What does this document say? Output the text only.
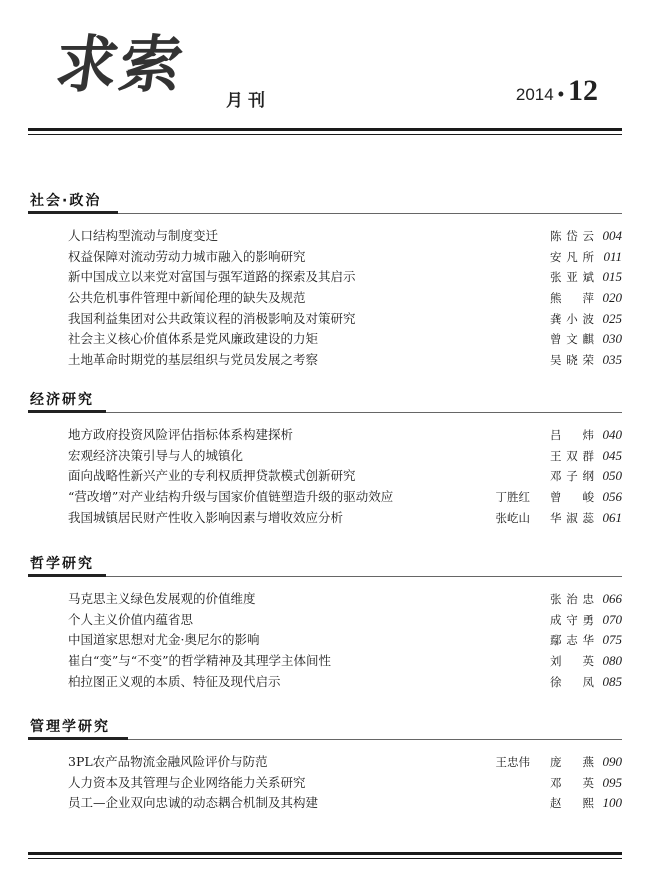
求索 月刊	2014 • 12
社会·政治
人口结构型流动与制度变迁	陈岱云 004
权益保障对流动劳动力城市融入的影响研究	安凡所 011
新中国成立以来党对富国与强军道路的探索及其启示	张亚斌 015
公共危机事件管理中新闻伦理的缺失及规范	熊萍 020
我国利益集团对公共政策议程的消极影响及对策研究	龚小波 025
社会主义核心价值体系是党风廉政建设的力矩	曾文麒 030
土地革命时期党的基层组织与党员发展之考察	吴晓荣 035
经济研究
地方政府投资风险评估指标体系构建探析	吕炜 040
宏观经济决策引导与人的城镇化	王双群 045
面向战略性新兴产业的专利权质押贷款模式创新研究	邓子纲 050
“营改增”对产业结构升级与国家价值链塑造升级的驱动效应	丁胜红 曾峻 056
我国城镇居民财产性收入影响因素与增收效应分析	张屹山 华淑蕊 061
哲学研究
马克思主义绿色发展观的价值维度	张治忠 066
个人主义价值内蕴省思	成守勇 070
中国道家思想对尤金·奥尼尔的影响	鄢志华 075
崔白“变”与“不变”的哲学精神及其理学主体间性	刘英 080
柏拉图正义观的本质、特征及现代启示	徐凤 085
管理学研究
3PL农产品物流金融风险评价与防范	王忠伟 庞燕 090
人力资本及其管理与企业网络能力关系研究	邓英 095
员工—企业双向忠诚的动态耦合机制及其构建	赵熙 100
